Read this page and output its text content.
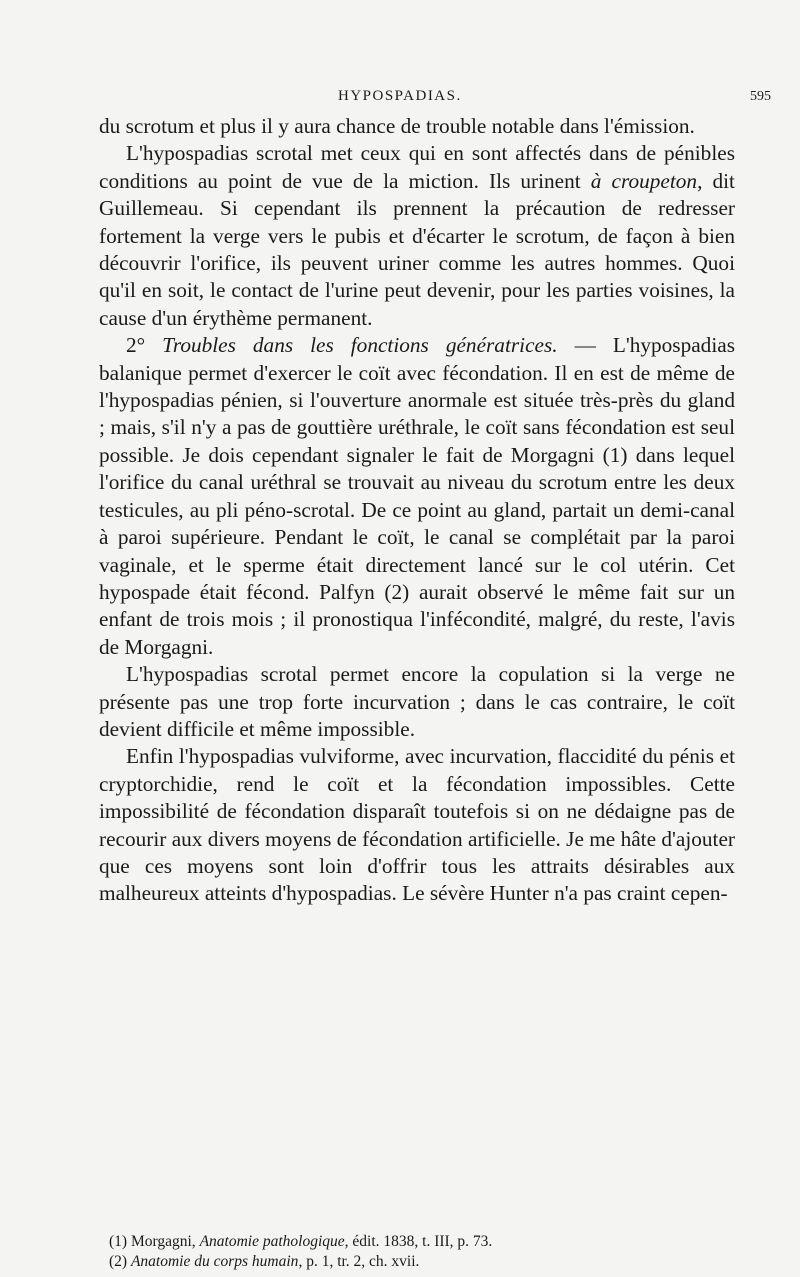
HYPOSPADIAS.	595

du scrotum et plus il y aura chance de trouble notable dans l'émission.

L'hypospadias scrotal met ceux qui en sont affectés dans de pénibles conditions au point de vue de la miction. Ils urinent à croupeton, dit Guillemeau. Si cependant ils prennent la précaution de redresser fortement la verge vers le pubis et d'écarter le scrotum, de façon à bien découvrir l'orifice, ils peuvent uriner comme les autres hommes. Quoi qu'il en soit, le contact de l'urine peut devenir, pour les parties voisines, la cause d'un érythème permanent.

2° Troubles dans les fonctions génératrices. — L'hypospadias balanique permet d'exercer le coït avec fécondation. Il en est de même de l'hypospadias pénien, si l'ouverture anormale est située très-près du gland ; mais, s'il n'y a pas de gouttière uréthrale, le coït sans fécondation est seul possible. Je dois cependant signaler le fait de Morgagni (1) dans lequel l'orifice du canal uréthral se trouvait au niveau du scrotum entre les deux testicules, au pli péno-scrotal. De ce point au gland, partait un demi-canal à paroi supérieure. Pendant le coït, le canal se complétait par la paroi vaginale, et le sperme était directement lancé sur le col utérin. Cet hypospade était fécond. Palfyn (2) aurait observé le même fait sur un enfant de trois mois ; il pronostiqua l'infécondité, malgré, du reste, l'avis de Morgagni.

L'hypospadias scrotal permet encore la copulation si la verge ne présente pas une trop forte incurvation ; dans le cas contraire, le coït devient difficile et même impossible.

Enfin l'hypospadias vulviforme, avec incurvation, flaccidité du pénis et cryptorchidie, rend le coït et la fécondation impossibles. Cette impossibilité de fécondation disparaît toutefois si on ne dédaigne pas de recourir aux divers moyens de fécondation artificielle. Je me hâte d'ajouter que ces moyens sont loin d'offrir tous les attraits désirables aux malheureux atteints d'hypospadias. Le sévère Hunter n'a pas craint cepen-

(1) Morgagni, Anatomie pathologique, édit. 1838, t. III, p. 73.

(2) Anatomie du corps humain, p. 1, tr. 2, ch. xvii.
